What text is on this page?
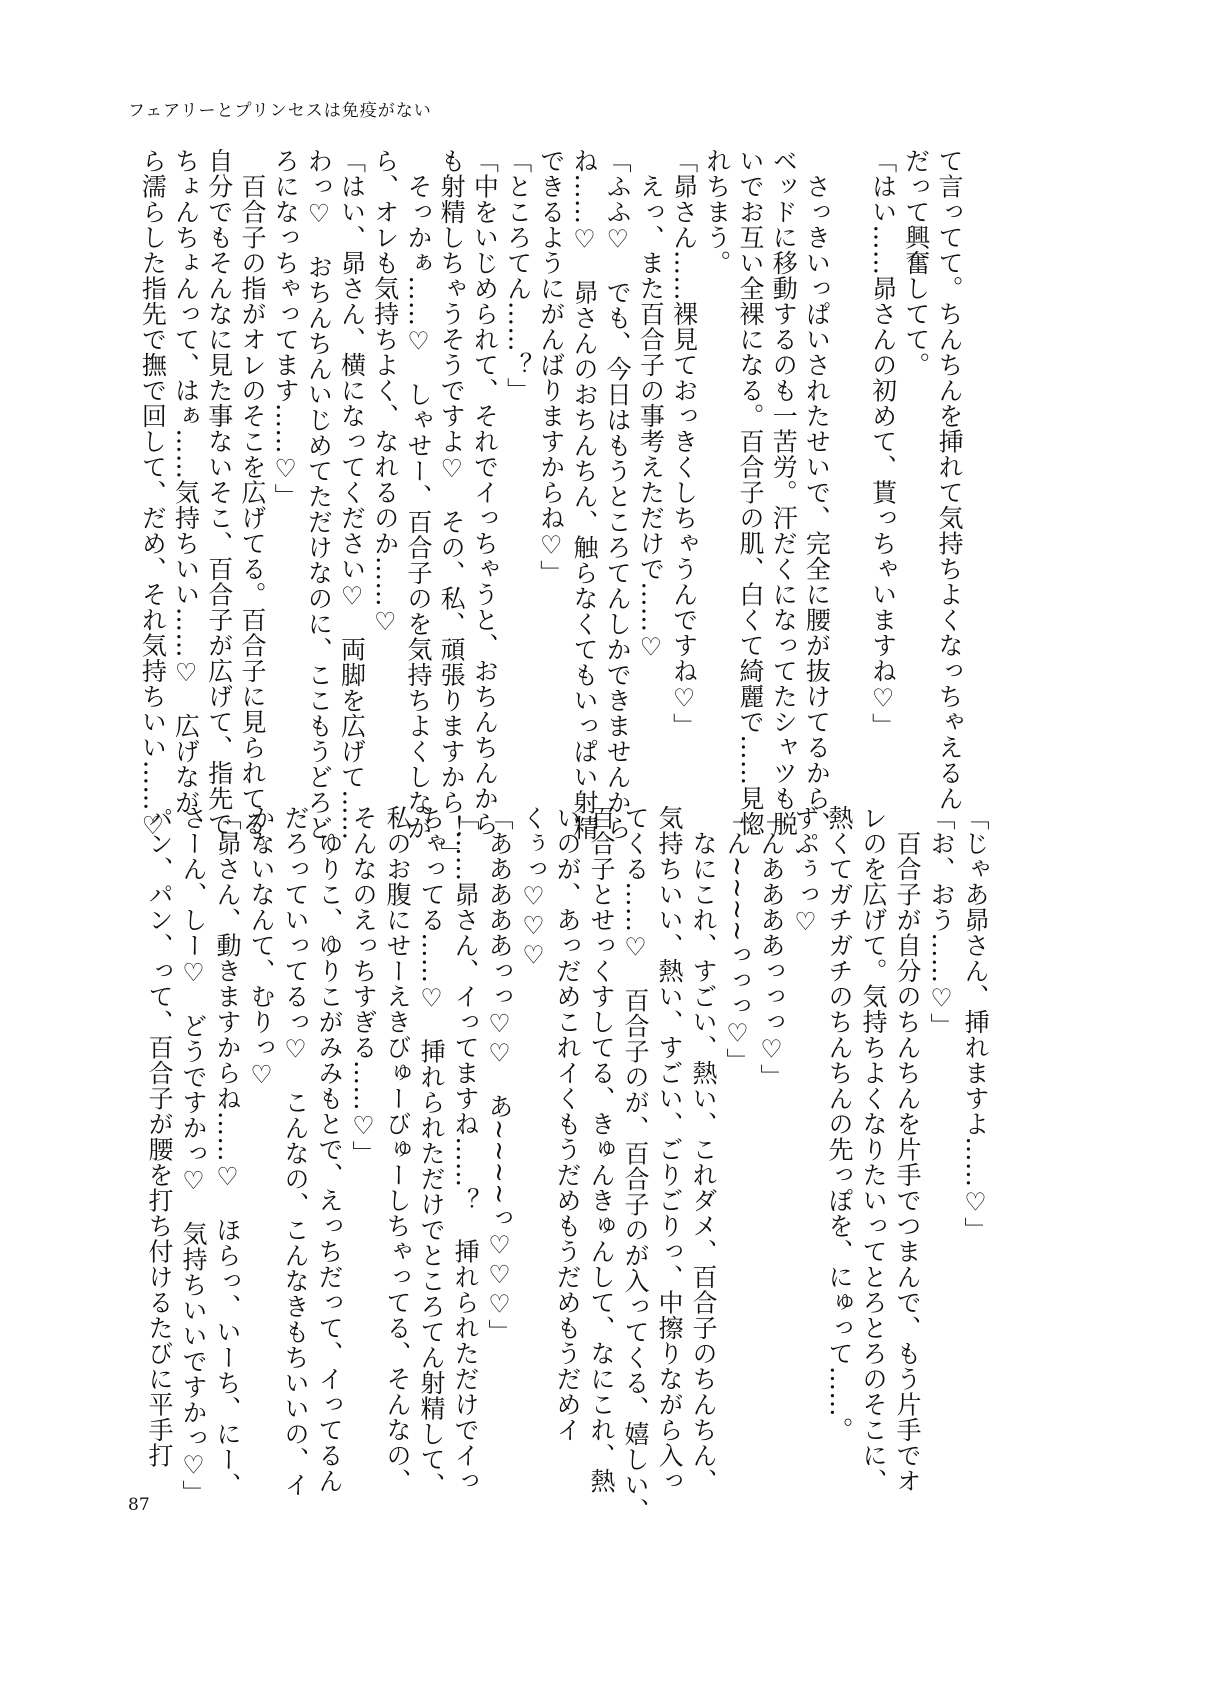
フェアリーとプリンセスは免疫がない
て言ってて。ちんちんを挿れて気持ちよくなっちゃえるん
だって興奮してて。
「はい……昴さんの初めて、貰っちゃいますね♡」
　さっきいっぱいされたせいで、完全に腰が抜けてるから、
ベッドに移動するのも一苦労。汗だくになってたシャツも脱
いでお互い全裸になる。百合子の肌、白くて綺麗で……見惚
れちまう。
「昴さん……裸見ておっきくしちゃうんですね♡」
　えっ、また百合子の事考えただけで……♡
「ふふ♡　でも、今日はもうところてんしかできませんから
ね……♡　昴さんのおちんちん、触らなくてもいっぱい射精
できるようにがんばりますからね♡」
「ところてん……？」
「中をいじめられて、それでイっちゃうと、おちんちんから
も射精しちゃうそうですよ♡　その、私、頑張りますから！」
　そっかぁ……♡　しゃせー、百合子のを気持ちよくしなが
ら、オレも気持ちよく、なれるのか……♡
「はい、昴さん、横になってください♡　両脚を広げて……
わっ♡　おちんちんいじめてただけなのに、ここもうどろど
ろになっちゃってます……♡」
　百合子の指がオレのそこを広げてる。百合子に見られてる。
自分でもそんなに見た事ないそこ、百合子が広げて、指先で
ちょんちょんって、はぁ……気持ちいい……♡　広げなが
ら濡らした指先で撫で回して、だめ、それ気持ちいい……♡
「じゃあ昴さん、挿れますよ……♡」
「お、おう……♡」
　百合子が自分のちんちんを片手でつまんで、もう片手でオ
レのを広げて。気持ちよくなりたいってとろとろのそこに、
熱くてガチガチのちんちんの先っぽを、にゅって……。
ずぷぅっ♡
「んああああっっっ♡」
「ん~~~~っっっ♡」
　なにこれ、すごい、熱い、これダメ、百合子のちんちん、
気持ちいい、熱い、すごい、ごりごりっ、中擦りながら入っ
てくる……♡　百合子のが、百合子のが入ってくる、嬉しい、
百合子とせっくすしてる、きゅんきゅんして、なにこれ、熱
いのが、あっだめこれイくもうだめもうだめもうだめイ
くぅっ♡♡♡
「あああああっっ♡♡　あ~~~~っ♡♡♡」
「……昴さん、イってますね……？　挿れられただけでイっ
ちゃってる……♡　挿れられただけでところてん射精して、
私のお腹にせーえきびゅーびゅーしちゃってる、そんなの、
そんなのえっちすぎる……♡」
　ゆりこ、ゆりこがみみもとで、えっちだって、イってるん
だろっていってるっ♡　こんなの、こんなきもちいいの、イ
かないなんて、むりっ♡
「昴さん、動きますからね……♡　ほらっ、いーち、にー、
さーん、しー♡　どうですかっ♡　気持ちいいですかっ♡」
パン、パン、って、百合子が腰を打ち付けるたびに平手打
87
